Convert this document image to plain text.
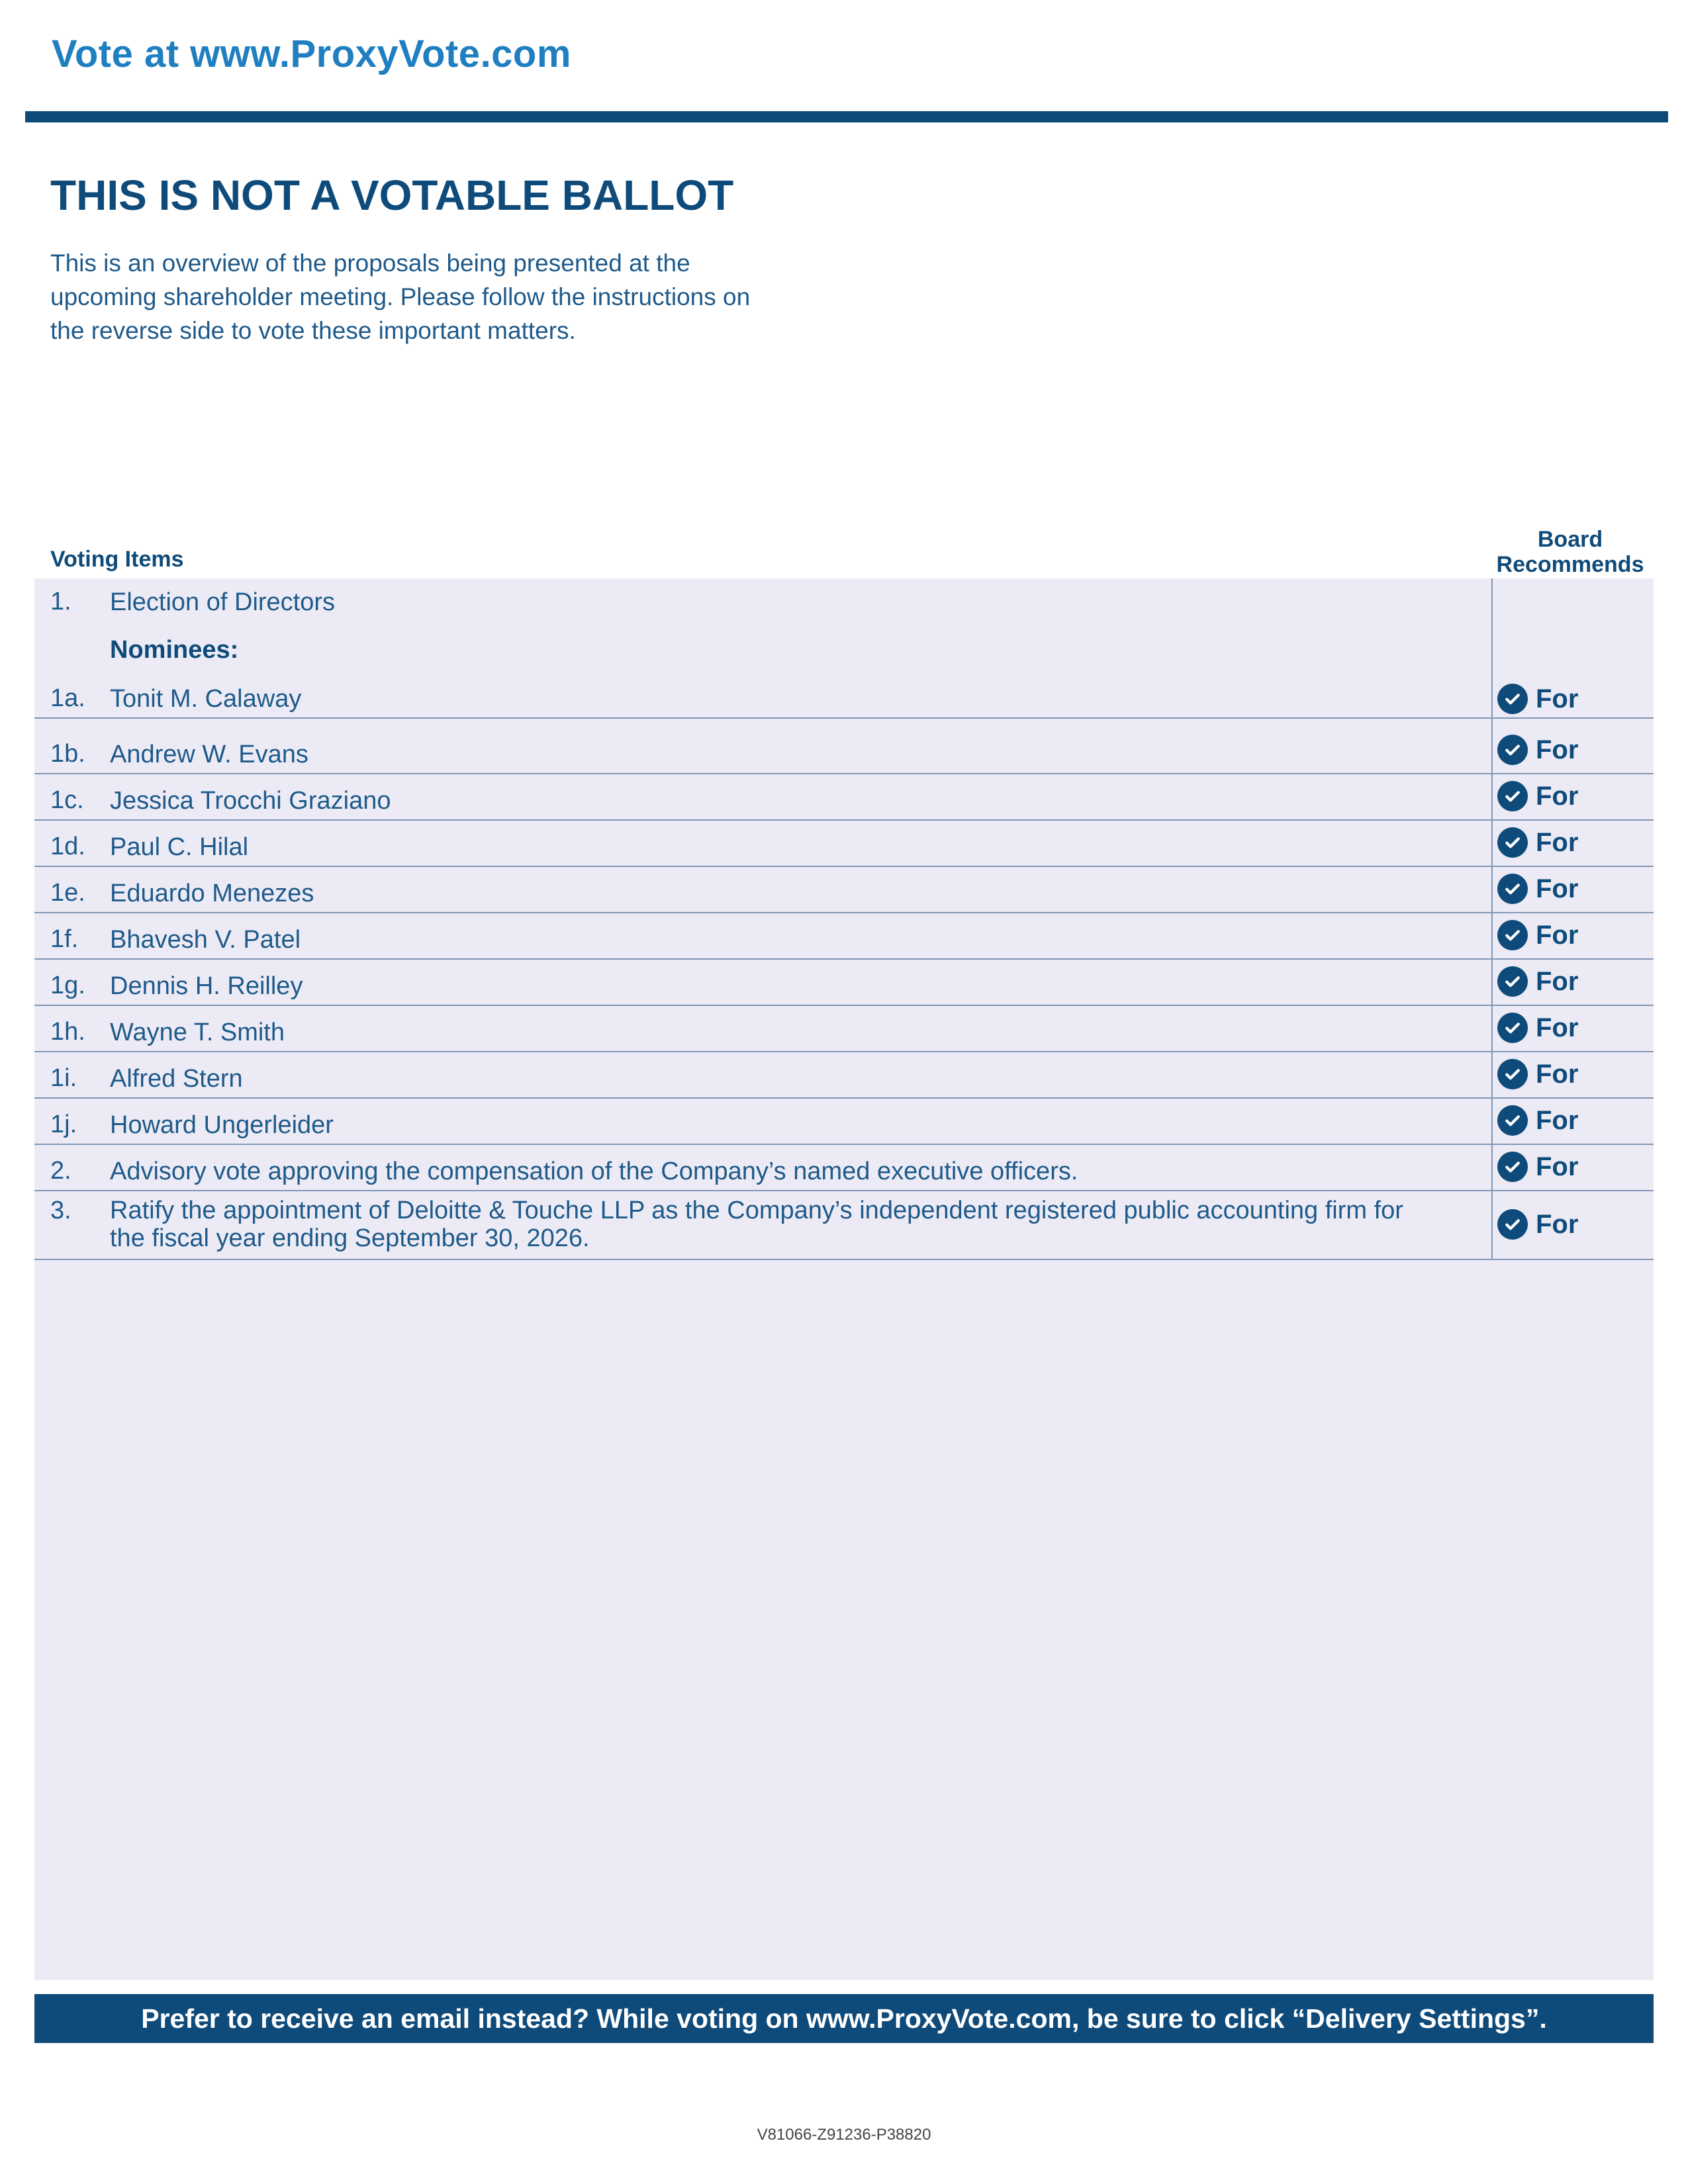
Vote at www.ProxyVote.com
THIS IS NOT A VOTABLE BALLOT
This is an overview of the proposals being presented at the
upcoming shareholder meeting. Please follow the instructions on
the reverse side to vote these important matters.
Voting Items
Board
Recommends
1. Election of Directors
Nominees:
1a. Tonit M. Calaway	For
1b. Andrew W. Evans	For
1c. Jessica Trocchi Graziano	For
1d. Paul C. Hilal	For
1e. Eduardo Menezes	For
1f. Bhavesh V. Patel	For
1g. Dennis H. Reilley	For
1h. Wayne T. Smith	For
1i. Alfred Stern	For
1j. Howard Ungerleider	For
2. Advisory vote approving the compensation of the Company’s named executive officers.	For
3. Ratify the appointment of Deloitte & Touche LLP as the Company’s independent registered public accounting firm for
the fiscal year ending September 30, 2026.	For
Prefer to receive an email instead? While voting on www.ProxyVote.com, be sure to click “Delivery Settings”.
V81066-Z91236-P38820
